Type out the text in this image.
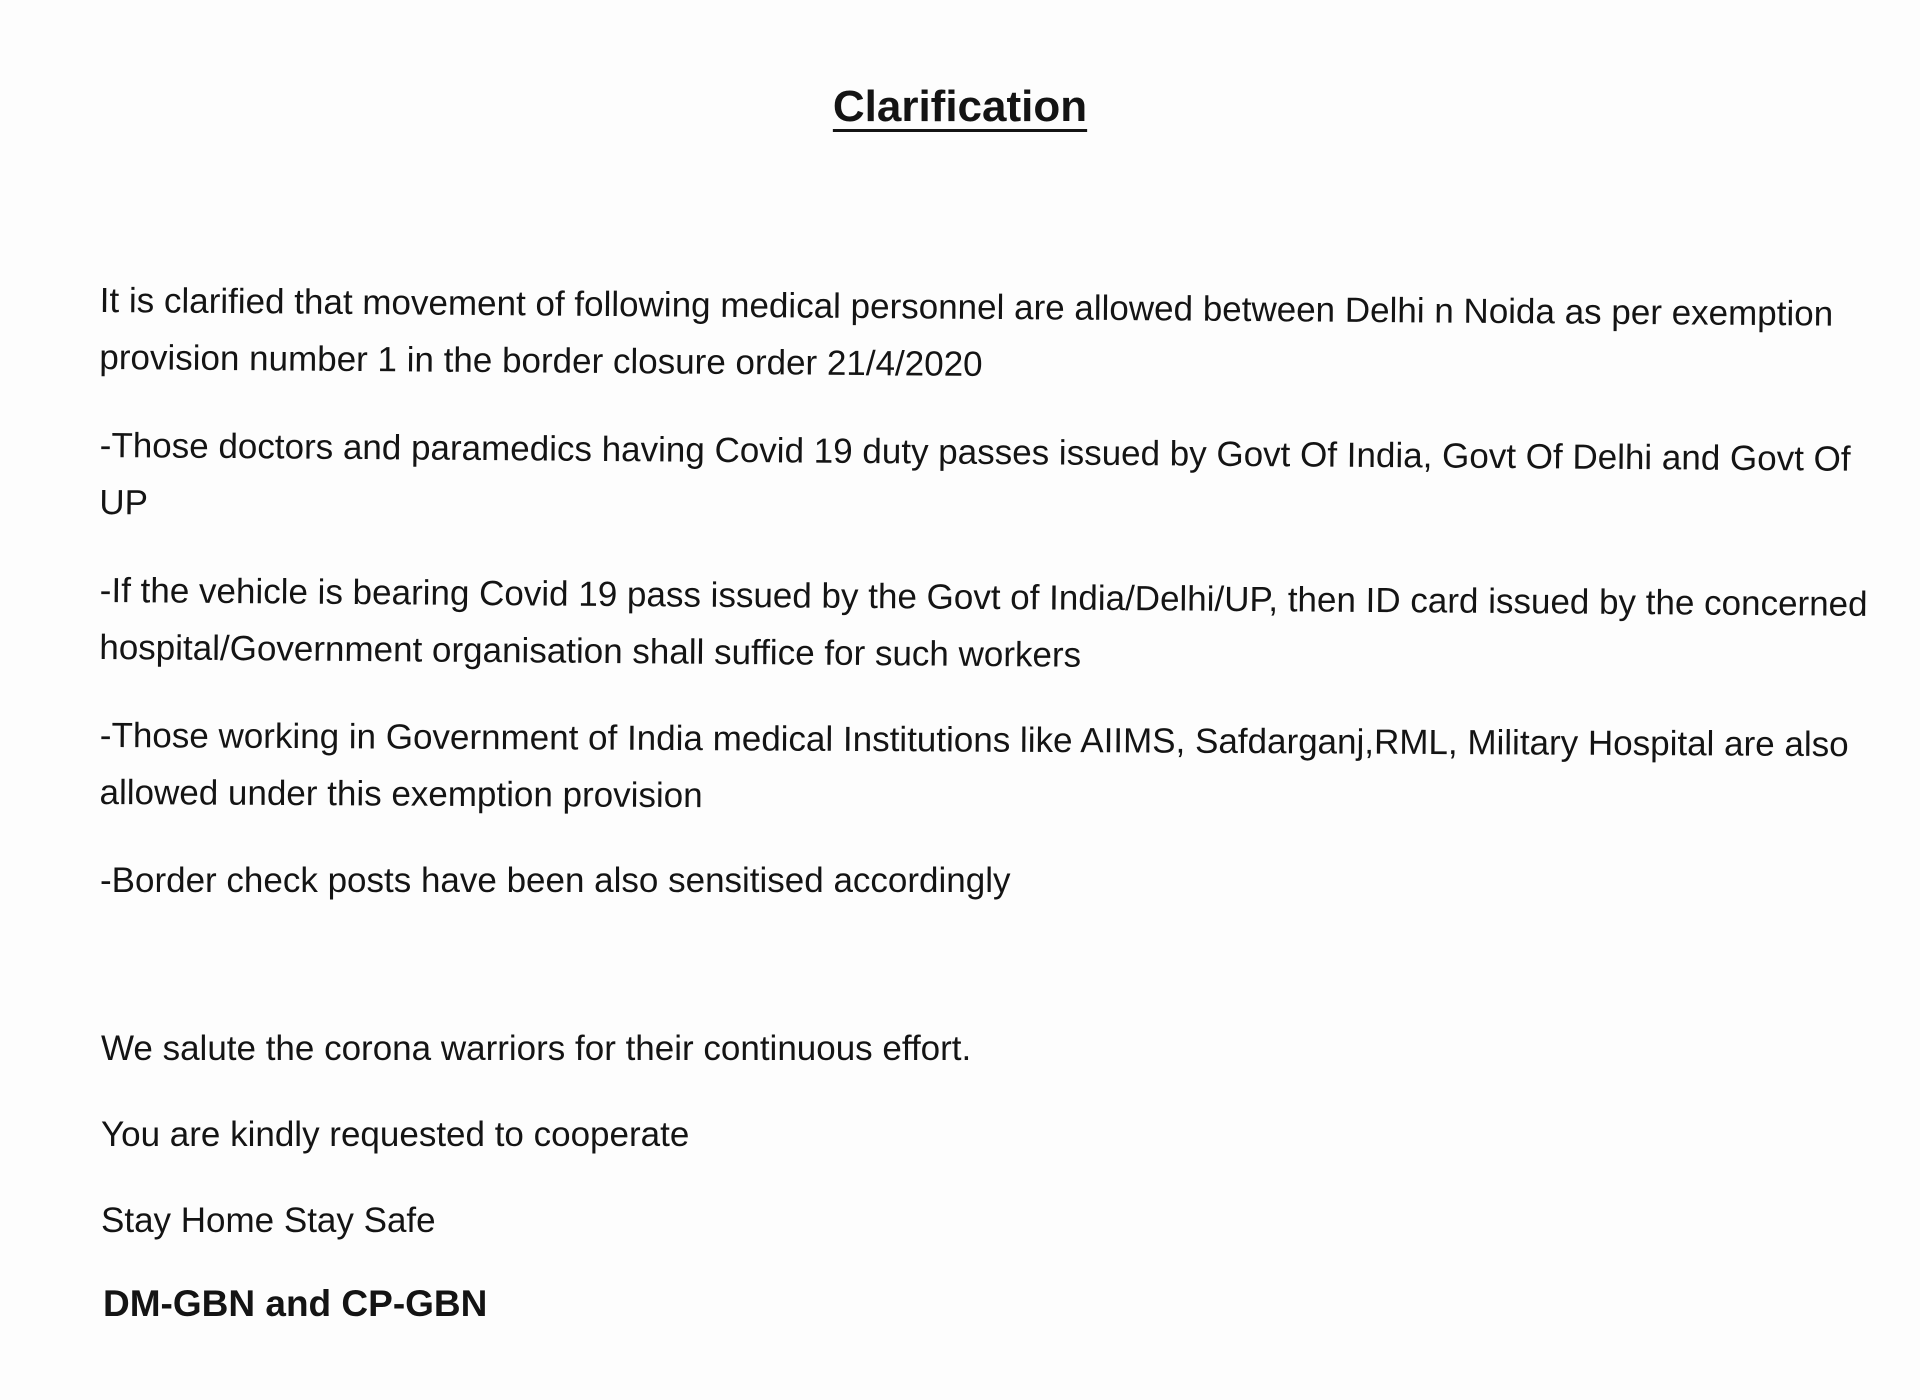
Clarification

It is clarified that movement of following medical personnel are allowed between Delhi n Noida as per exemption provision number 1 in the border closure order 21/4/2020

-Those doctors and paramedics having Covid 19 duty passes issued by Govt Of India, Govt Of Delhi and Govt Of UP

-If the vehicle is bearing Covid 19 pass issued by the Govt of India/Delhi/UP, then ID card issued by the concerned hospital/Government organisation shall suffice for such workers

-Those working in Government of India medical Institutions like AIIMS, Safdarganj,RML, Military Hospital are also allowed under this exemption provision

-Border check posts have been also sensitised accordingly

We salute the corona warriors for their continuous effort.

You are kindly requested to cooperate

Stay Home Stay Safe

DM-GBN and CP-GBN
